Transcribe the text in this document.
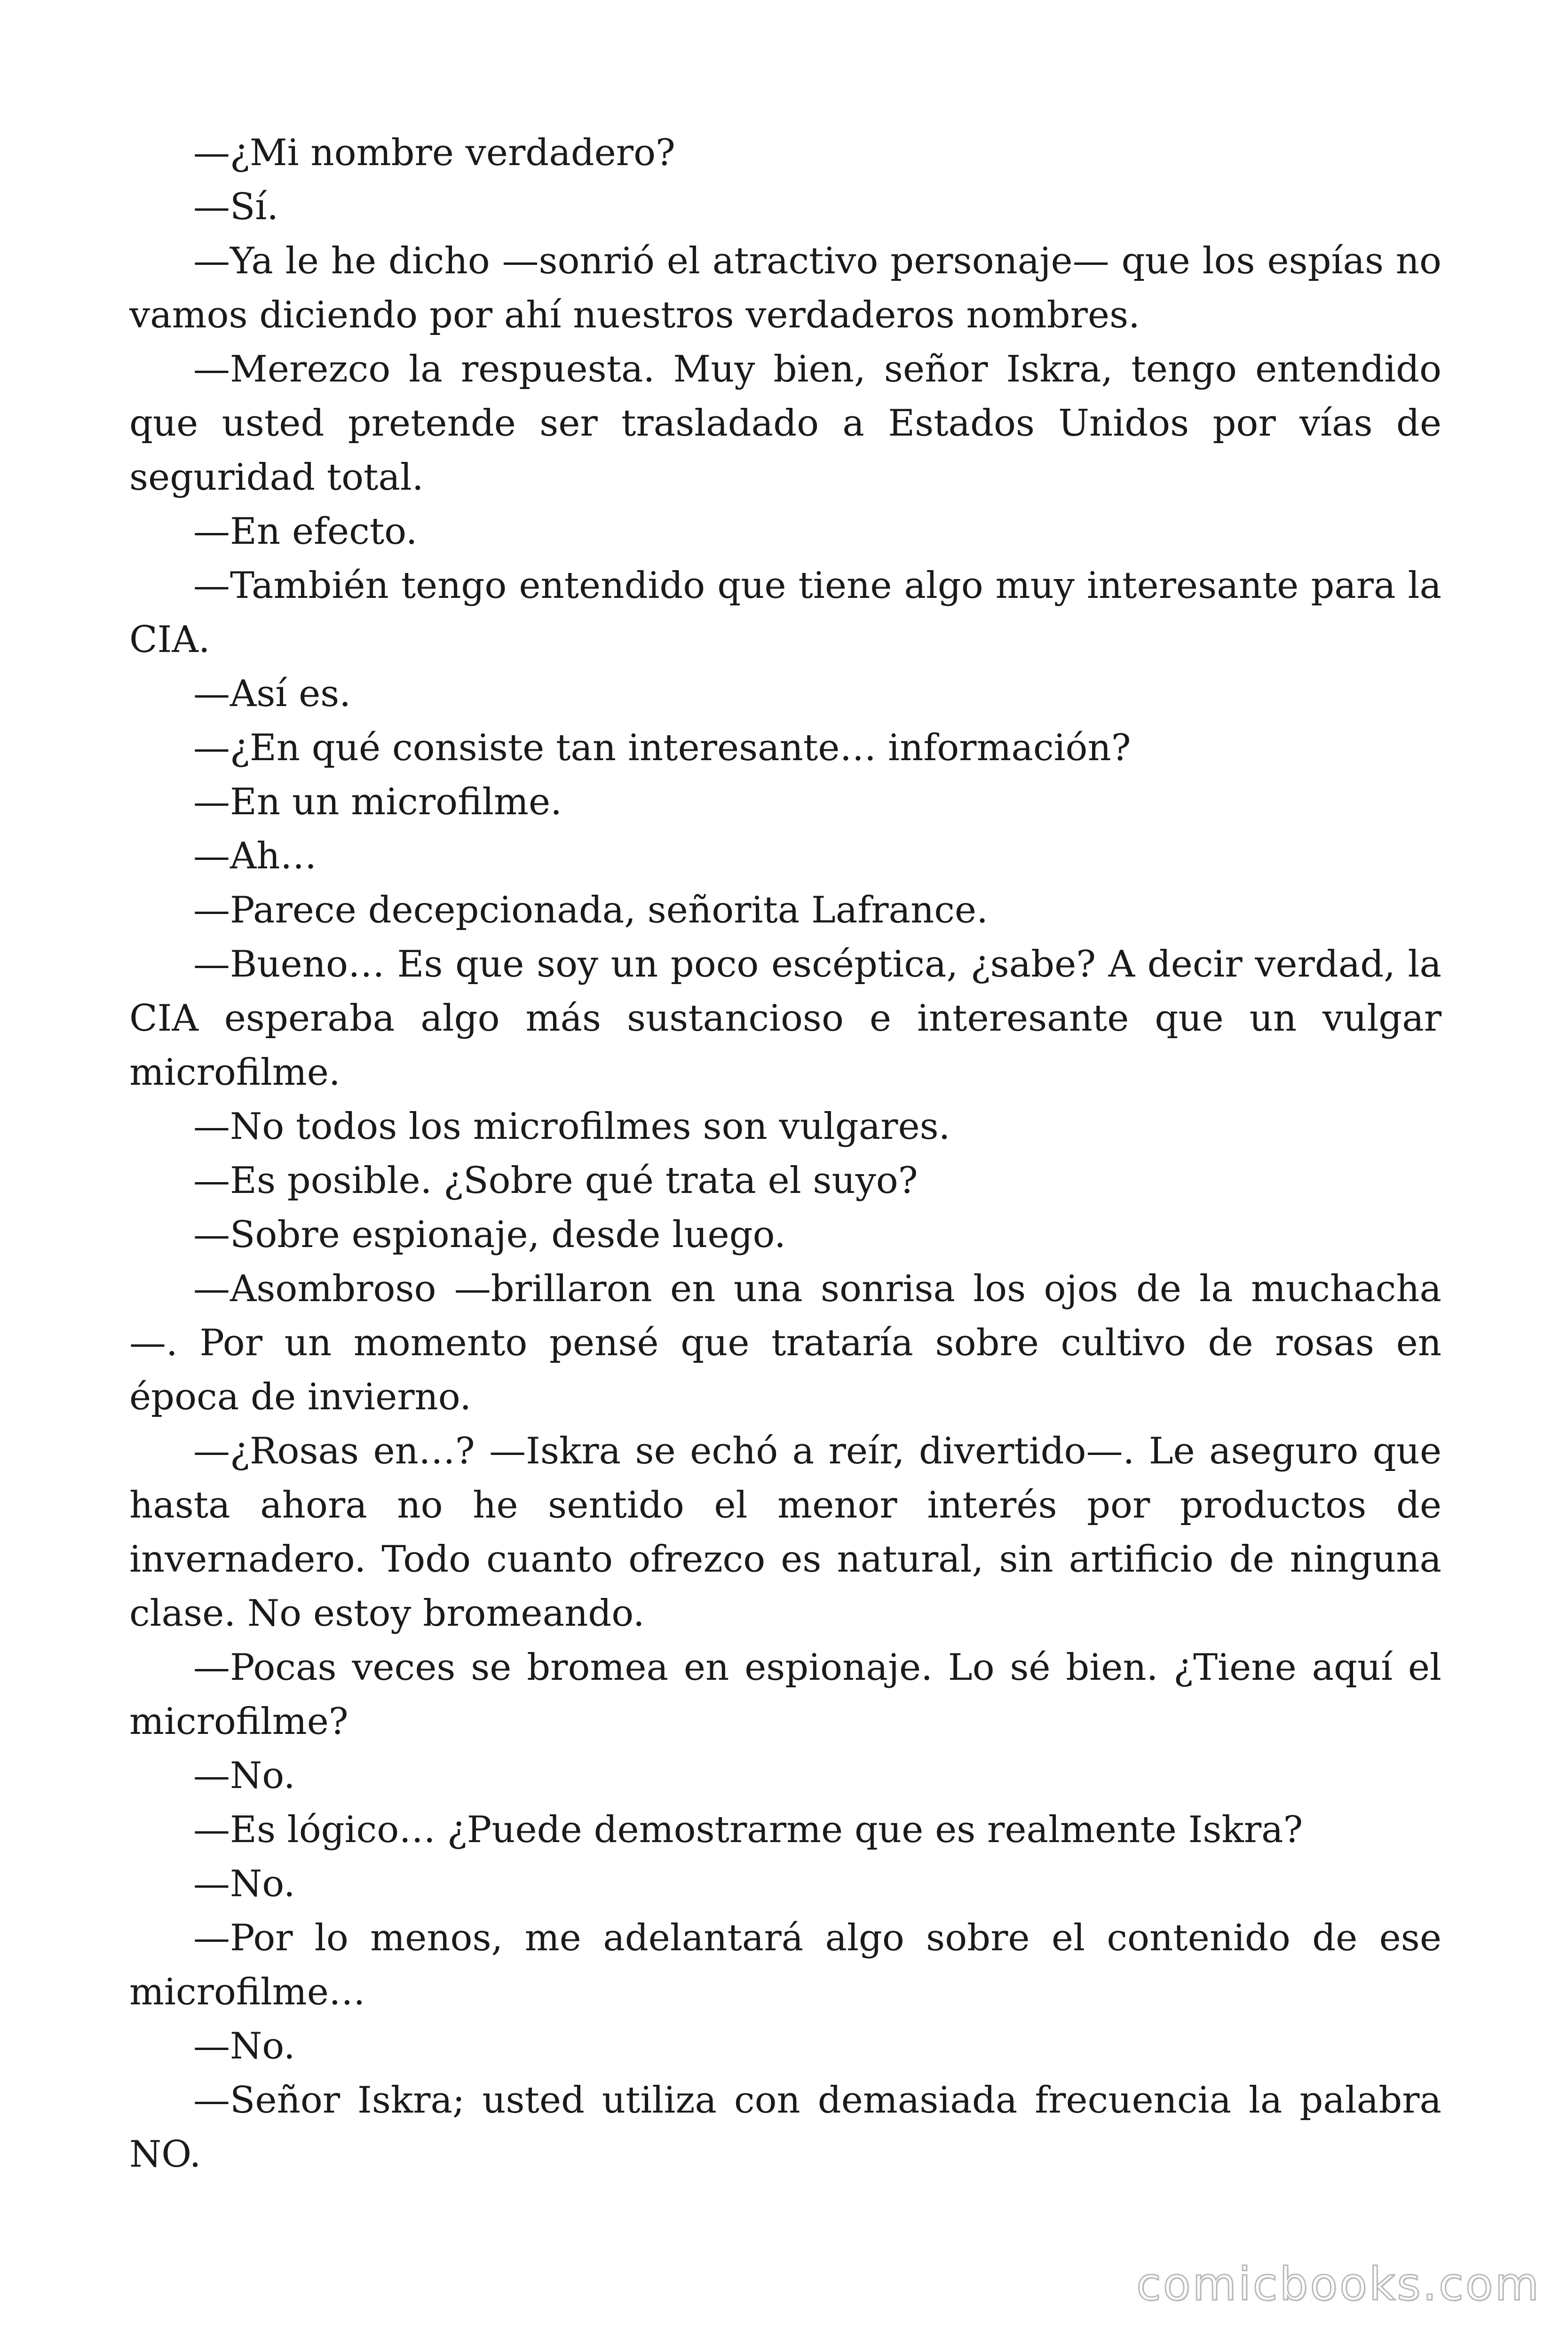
—¿Mi nombre verdadero?

—Sí.

—Ya le he dicho —sonrió el atractivo personaje— que los espías no vamos diciendo por ahí nuestros verdaderos nombres.

—Merezco la respuesta. Muy bien, señor Iskra, tengo entendido que usted pretende ser trasladado a Estados Unidos por vías de seguridad total.

—En efecto.

—También tengo entendido que tiene algo muy interesante para la CIA.

—Así es.

—¿En qué consiste tan interesante… información?

—En un microfilme.

—Ah…

—Parece decepcionada, señorita Lafrance.

—Bueno… Es que soy un poco escéptica, ¿sabe? A decir verdad, la CIA esperaba algo más sustancioso e interesante que un vulgar microfilme.

—No todos los microfilmes son vulgares.

—Es posible. ¿Sobre qué trata el suyo?

—Sobre espionaje, desde luego.

—Asombroso —brillaron en una sonrisa los ojos de la muchacha —. Por un momento pensé que trataría sobre cultivo de rosas en época de invierno.

—¿Rosas en…? —Iskra se echó a reír, divertido—. Le aseguro que hasta ahora no he sentido el menor interés por productos de invernadero. Todo cuanto ofrezco es natural, sin artificio de ninguna clase. No estoy bromeando.

—Pocas veces se bromea en espionaje. Lo sé bien. ¿Tiene aquí el microfilme?

—No.

—Es lógico… ¿Puede demostrarme que es realmente Iskra?

—No.

—Por lo menos, me adelantará algo sobre el contenido de ese microfilme…

—No.

—Señor Iskra; usted utiliza con demasiada frecuencia la palabra NO.

comicbooks.com
